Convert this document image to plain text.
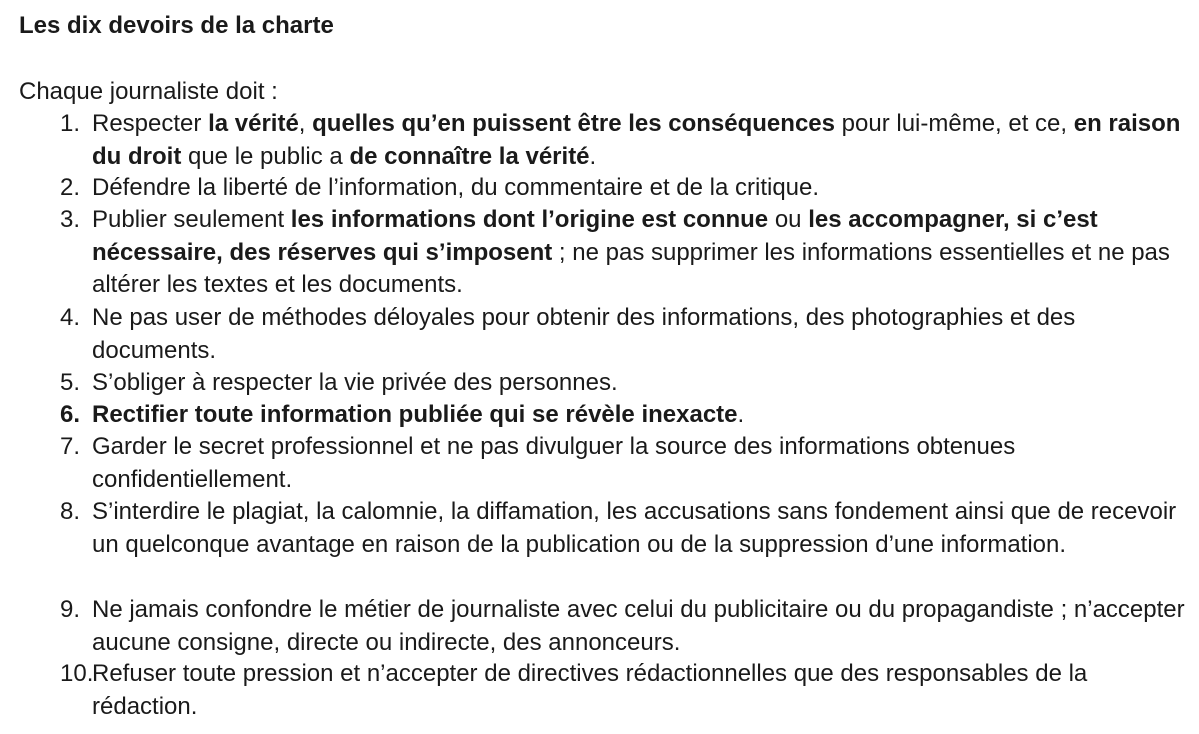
Les dix devoirs de la charte
Chaque journaliste doit :
1. Respecter la vérité, quelles qu’en puissent être les conséquences pour lui-même, et ce, en raison du droit que le public a de connaître la vérité.
2. Défendre la liberté de l’information, du commentaire et de la critique.
3. Publier seulement les informations dont l’origine est connue ou les accompagner, si c’est nécessaire, des réserves qui s’imposent ; ne pas supprimer les informations essentielles et ne pas altérer les textes et les documents.
4. Ne pas user de méthodes déloyales pour obtenir des informations, des photographies et des documents.
5. S’obliger à respecter la vie privée des personnes.
6. Rectifier toute information publiée qui se révèle inexacte.
7. Garder le secret professionnel et ne pas divulguer la source des informations obtenues confidentiellement.
8. S’interdire le plagiat, la calomnie, la diffamation, les accusations sans fondement ainsi que de recevoir un quelconque avantage en raison de la publication ou de la suppression d’une information.
9. Ne jamais confondre le métier de journaliste avec celui du publicitaire ou du propagandiste ; n’accepter aucune consigne, directe ou indirecte, des annonceurs.
10.
Refuser toute pression et n’accepter de directives rédactionnelles que des responsables de la rédaction.
